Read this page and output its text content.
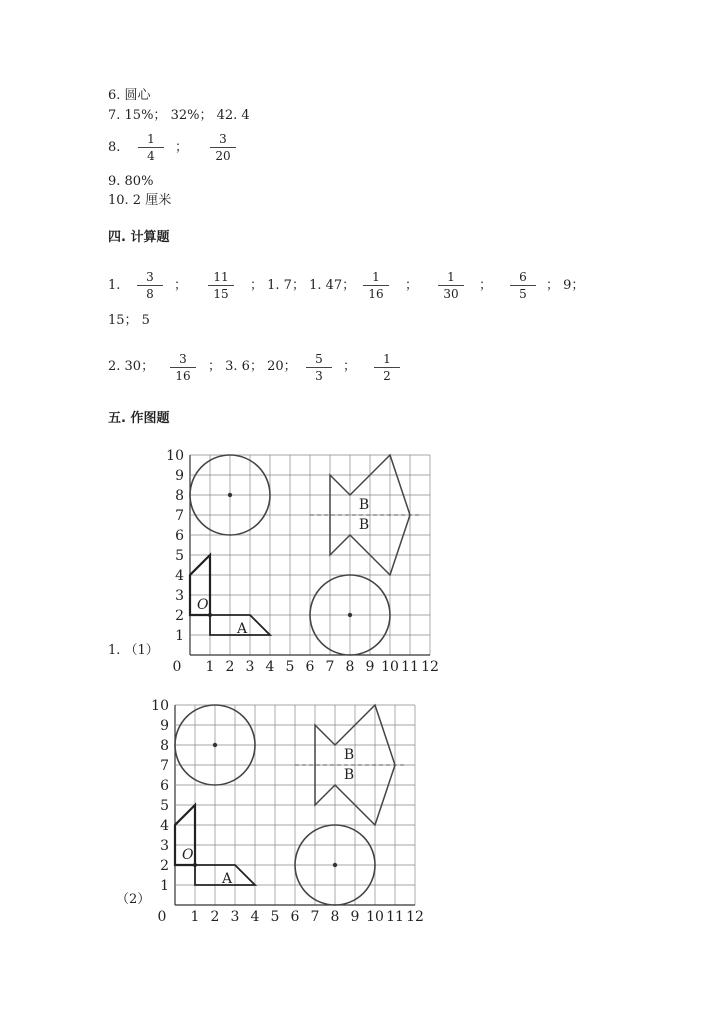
6. 圆心
7. 15%； 32%； 42. 4
8. $\frac{1}{4}$ ； $\frac{3}{20}$
9. 80%
10. 2 厘米
四. 计算题
1. $\frac{3}{8}$ ； $\frac{11}{15}$ ； 1. 7； 1. 47； $\frac{1}{16}$ ； $\frac{1}{30}$ ； $\frac{6}{5}$ ； 9；
15； 5
2. 30； $\frac{3}{16}$ ； 3. 6； 20； $\frac{5}{3}$ ； $\frac{1}{2}$
五. 作图题
1. （1）
（2）
0 1 2 3 4 5 6 7 8 9 10 11 12
1
2
3
4
5
6
7
8
9
10
B
B
A
O
0 1 2 3 4 5 6 7 8 9 10 11 12
1
2
3
4
5
6
7
8
9
10
B
B
A
O
